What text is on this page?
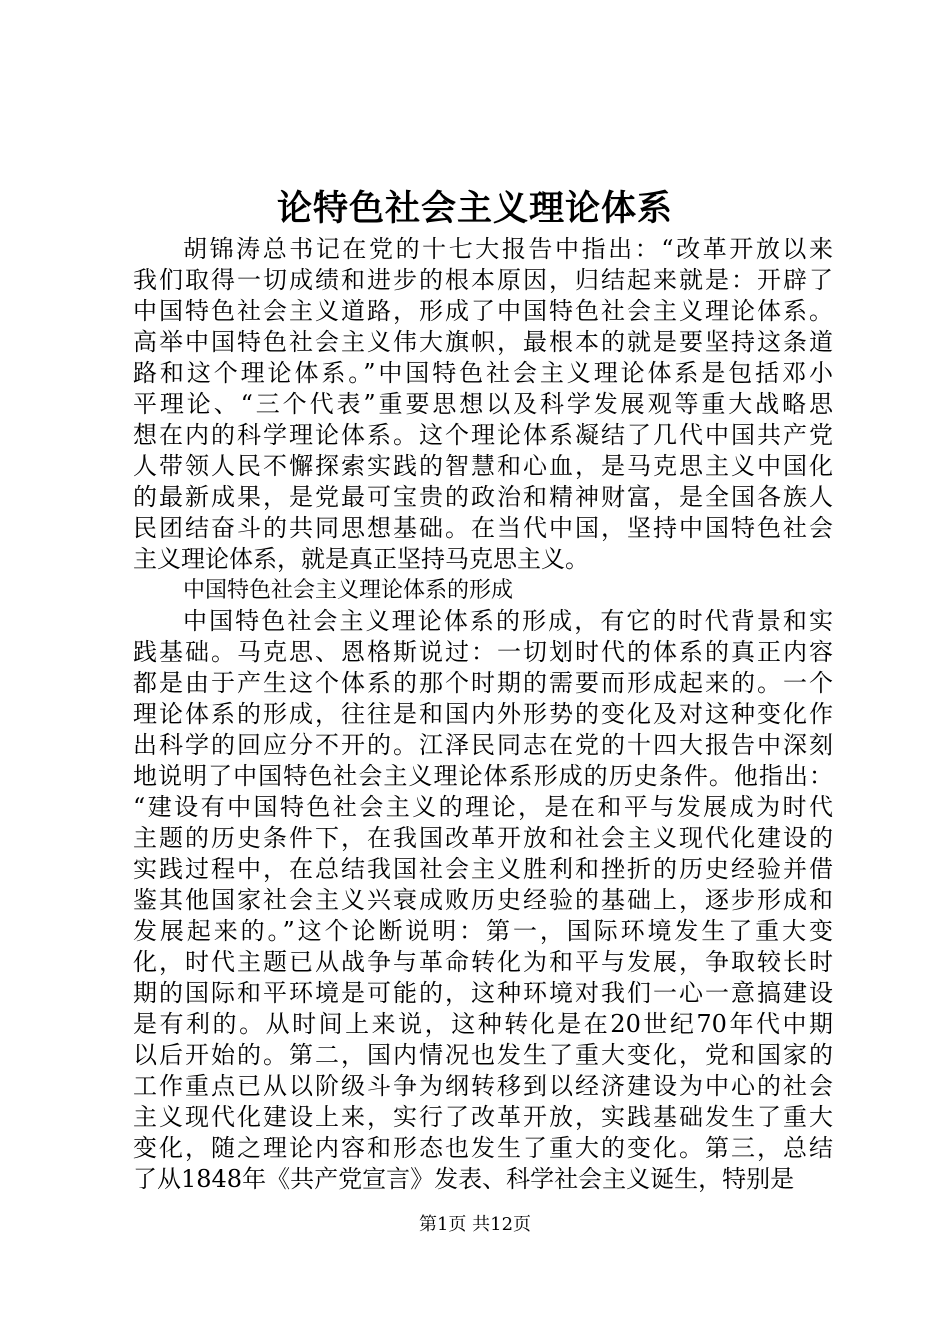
论特色社会主义理论体系
胡锦涛总书记在党的十七大报告中指出：“改革开放以来
我们取得一切成绩和进步的根本原因，归结起来就是：开辟了
中国特色社会主义道路，形成了中国特色社会主义理论体系。
高举中国特色社会主义伟大旗帜，最根本的就是要坚持这条道
路和这个理论体系。”中国特色社会主义理论体系是包括邓小
平理论、“三个代表”重要思想以及科学发展观等重大战略思
想在内的科学理论体系。这个理论体系凝结了几代中国共产党
人带领人民不懈探索实践的智慧和心血，是马克思主义中国化
的最新成果，是党最可宝贵的政治和精神财富，是全国各族人
民团结奋斗的共同思想基础。在当代中国，坚持中国特色社会
主义理论体系，就是真正坚持马克思主义。
中国特色社会主义理论体系的形成
中国特色社会主义理论体系的形成，有它的时代背景和实
践基础。马克思、恩格斯说过：一切划时代的体系的真正内容
都是由于产生这个体系的那个时期的需要而形成起来的。一个
理论体系的形成，往往是和国内外形势的变化及对这种变化作
出科学的回应分不开的。江泽民同志在党的十四大报告中深刻
地说明了中国特色社会主义理论体系形成的历史条件。他指出：
“建设有中国特色社会主义的理论，是在和平与发展成为时代
主题的历史条件下，在我国改革开放和社会主义现代化建设的
实践过程中，在总结我国社会主义胜利和挫折的历史经验并借
鉴其他国家社会主义兴衰成败历史经验的基础上，逐步形成和
发展起来的。”这个论断说明：第一，国际环境发生了重大变
化，时代主题已从战争与革命转化为和平与发展，争取较长时
期的国际和平环境是可能的，这种环境对我们一心一意搞建设
是有利的。从时间上来说，这种转化是在20世纪70年代中期
以后开始的。第二，国内情况也发生了重大变化，党和国家的
工作重点已从以阶级斗争为纲转移到以经济建设为中心的社会
主义现代化建设上来，实行了改革开放，实践基础发生了重大
变化，随之理论内容和形态也发生了重大的变化。第三，总结
了从1848年《共产党宣言》发表、科学社会主义诞生，特别是
第1页 共12页
